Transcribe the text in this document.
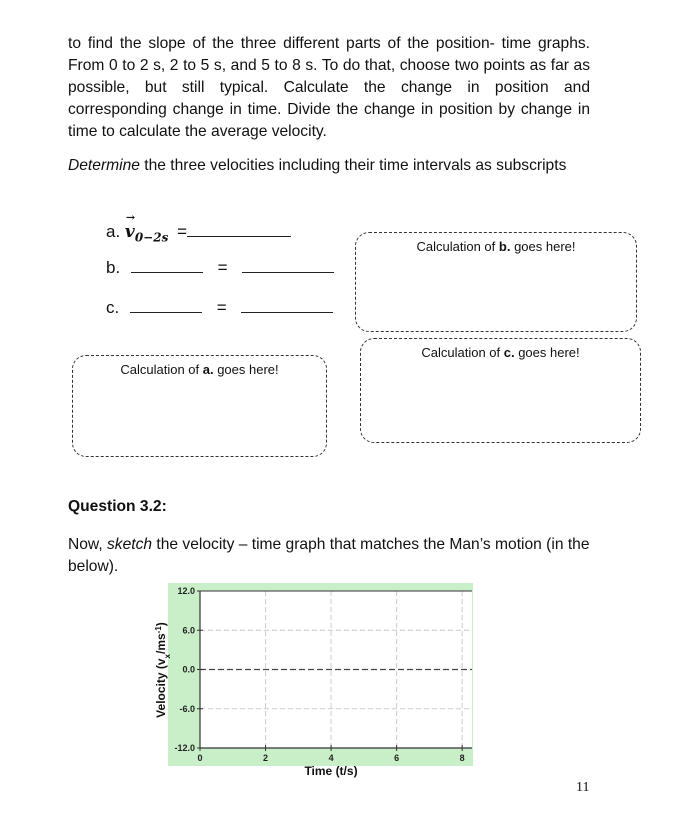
to find the slope of the three different parts of the position- time graphs. From 0 to 2 s, 2 to 5 s, and 5 to 8 s. To do that, choose two points as far as possible, but still typical. Calculate the change in position and corresponding change in time. Divide the change in position by change in time to calculate the average velocity.
Determine the three velocities including their time intervals as subscripts
a.
→
$v_{0-2s}$ =
b.	=
c.	=
Calculation of b. goes here!
Calculation of c. goes here!
Calculation of a. goes here!
Question 3.2:
Now, sketch the velocity – time graph that matches the Man’s motion (in the below).
0	2	4	6	8
12.0
6.0
0.0
-6.0
-12.0
Time (t/s)
Velocity $(v_x/ms^{-1})$
11
